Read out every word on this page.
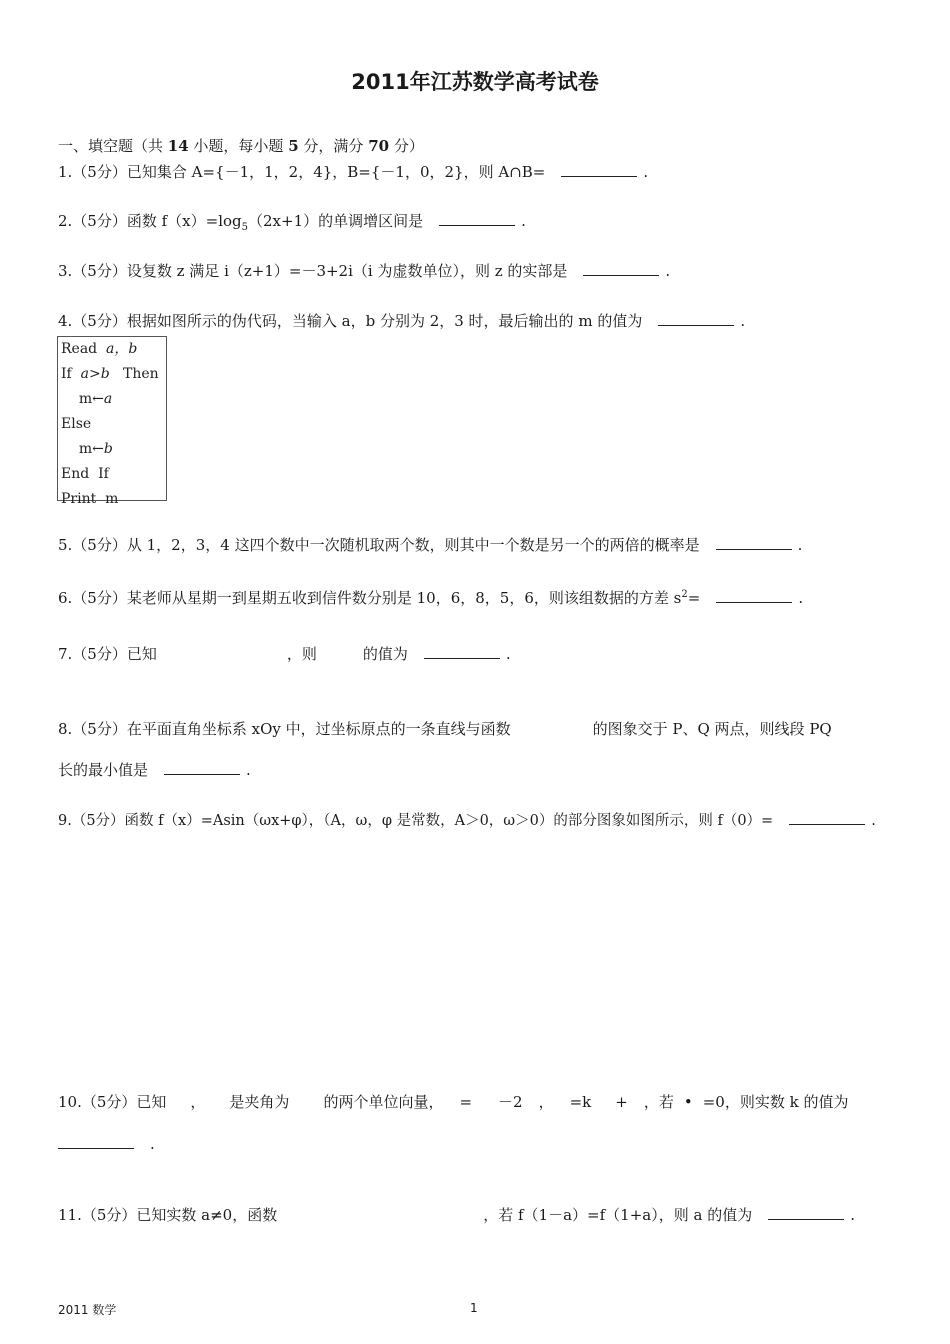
2011年江苏数学高考试卷
一、填空题（共 14 小题，每小题 5 分，满分 70 分）
1.（5分）已知集合 A={－1，1，2，4}，B={－1，0，2}，则 A∩B=	.
2.（5分）函数 $f(x)=\log_5(2x+1)$的单调增区间是	.
3.（5分）设复数 z 满足 i（z+1）=－3+2i（i 为虚数单位），则 z 的实部是	.
4.（5分）根据如图所示的伪代码，当输入 a，b 分别为 2，3 时，最后输出的 m 的值为	.
Read a，b
If a>b Then
m←a
Else
m←b
End  If
Print  m
5.（5分）从 1，2，3，4 这四个数中一次随机取两个数，则其中一个数是另一个的两倍的概率是	.
6.（5分）某老师从星期一到星期五收到信件数分别是 10，6，8，5，6，则该组数据的方差 $s^2=$	.
7.（5分）已知	，则	的值为	.
8.（5分）在平面直角坐标系 xOy 中，过坐标原点的一条直线与函数	的图象交于 P、Q 两点，则线段 PQ
长的最小值是	.
9.（5分）函数 f（x）=Asin（ωx+φ），（A，ω，φ 是常数，A＞0，ω＞0）的部分图象如图所示，则 f（0）=	.
10.（5分）已知 ， 是夹角为 的两个单位向量， = －2 ， =k + ，若 • =0，则实数 k 的值为
.
11.（5分）已知实数 a≠0，函数	，若 f（1－a）=f（1+a），则 a 的值为	.
2011 数学	1
